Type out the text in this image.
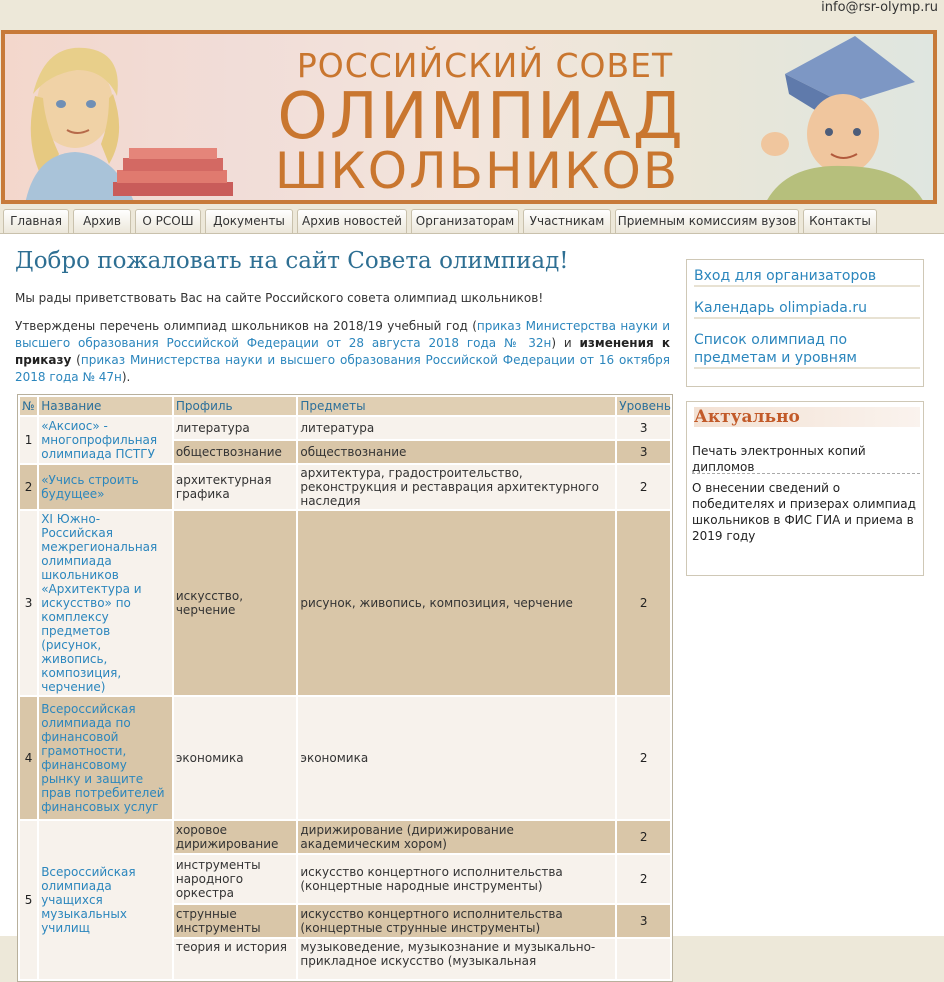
info@rsr-olymp.ru
РОССИЙСКИЙ СОВЕТ
ОЛИМПИАД
ШКОЛЬНИКОВ
Главная	Архив	О РСОШ	Документы	Архив новостей	Организаторам	Участникам	Приемным комиссиям вузов	Контакты
Добро пожаловать на сайт Совета олимпиад!
Мы рады приветствовать Вас на сайте Российского совета олимпиад школьников!
Утверждены перечень олимпиад школьников на 2018/19 учебный год (приказ Министерства науки и высшего образования Российской Федерации от 28 августа 2018 года № 32н) и изменения к приказу (приказ Министерства науки и высшего образования Российской Федерации от 16 октября 2018 года № 47н).
№	Название	Профиль	Предметы	Уровень
1	«Аксиос» - многопрофильная олимпиада ПСТГУ	литература	литература	3
		обществознание	обществознание	3
2	«Учись строить будущее»	архитектурная графика	архитектура, градостроительство, реконструкция и реставрация архитектурного наследия	2
3	XI Южно-Российская межрегиональная олимпиада школьников «Архитектура и искусство» по комплексу предметов (рисунок, живопись, композиция, черчение)	искусство, черчение	рисунок, живопись, композиция, черчение	2
4	Всероссийская олимпиада по финансовой грамотности, финансовому рынку и защите прав потребителей финансовых услуг	экономика	экономика	2
5	Всероссийская олимпиада учащихся музыкальных училищ	хоровое дирижирование	дирижирование (дирижирование академическим хором)	2
		инструменты народного оркестра	искусство концертного исполнительства (концертные народные инструменты)	2
		струнные инструменты	искусство концертного исполнительства (концертные струнные инструменты)	3
		теория и история	музыковедение, музыкознание и музыкально-прикладное искусство (музыкальная	
Вход для организаторов
Календарь olimpiada.ru
Список олимпиад по предметам и уровням
Актуально
Печать электронных копий дипломов
О внесении сведений о победителях и призерах олимпиад школьников в ФИС ГИА и приема в 2019 году
